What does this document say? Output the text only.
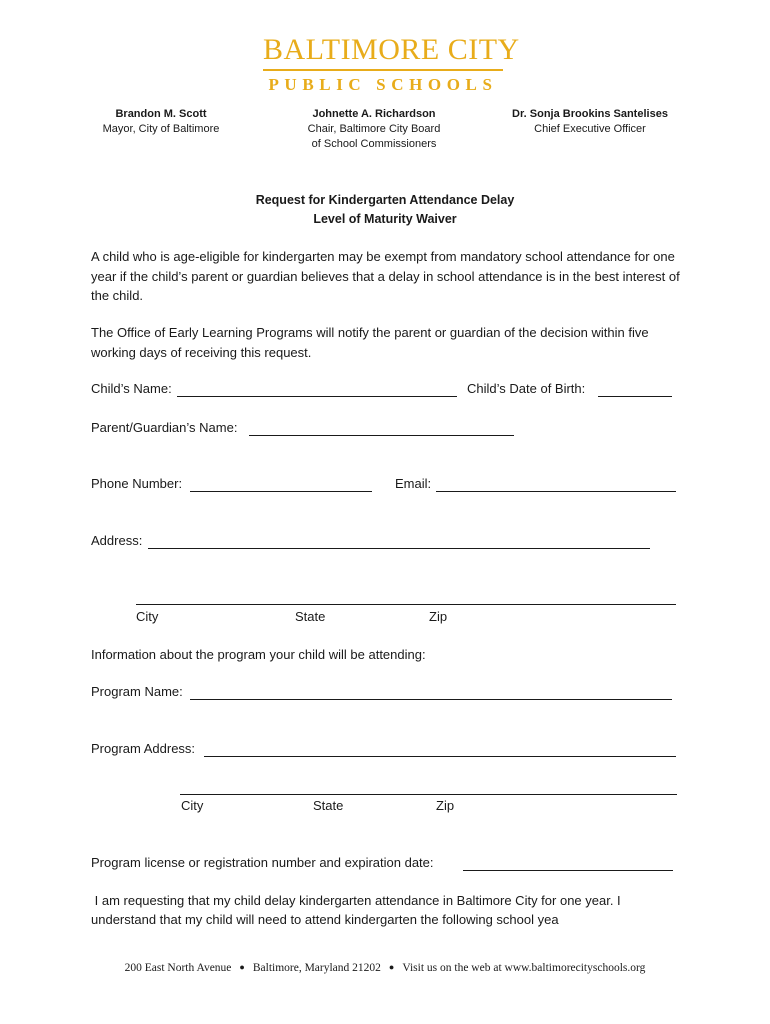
BALTIMORE CITY
PUBLIC SCHOOLS
Brandon M. Scott
Mayor, City of Baltimore
Johnette A. Richardson
Chair, Baltimore City Board
of School Commissioners
Dr. Sonja Brookins Santelises
Chief Executive Officer
Request for Kindergarten Attendance Delay
Level of Maturity Waiver
A child who is age-eligible for kindergarten may be exempt from mandatory school attendance for one year if the child’s parent or guardian believes that a delay in school attendance is in the best interest of the child.
The Office of Early Learning Programs will notify the parent or guardian of the decision within five working days of receiving this request.
Child’s Name:	Child’s Date of Birth:
Parent/Guardian’s Name:
Phone Number:	Email:
Address:
City	State	Zip
Information about the program your child will be attending:
Program Name:
Program Address:
City	State	Zip
Program license or registration number and expiration date:
I am requesting that my child delay kindergarten attendance in Baltimore City for one year. I
understand that my child will need to attend kindergarten the following school yea
200 East North Avenue ● Baltimore, Maryland 21202 ● Visit us on the web at www.baltimorecityschools.org
